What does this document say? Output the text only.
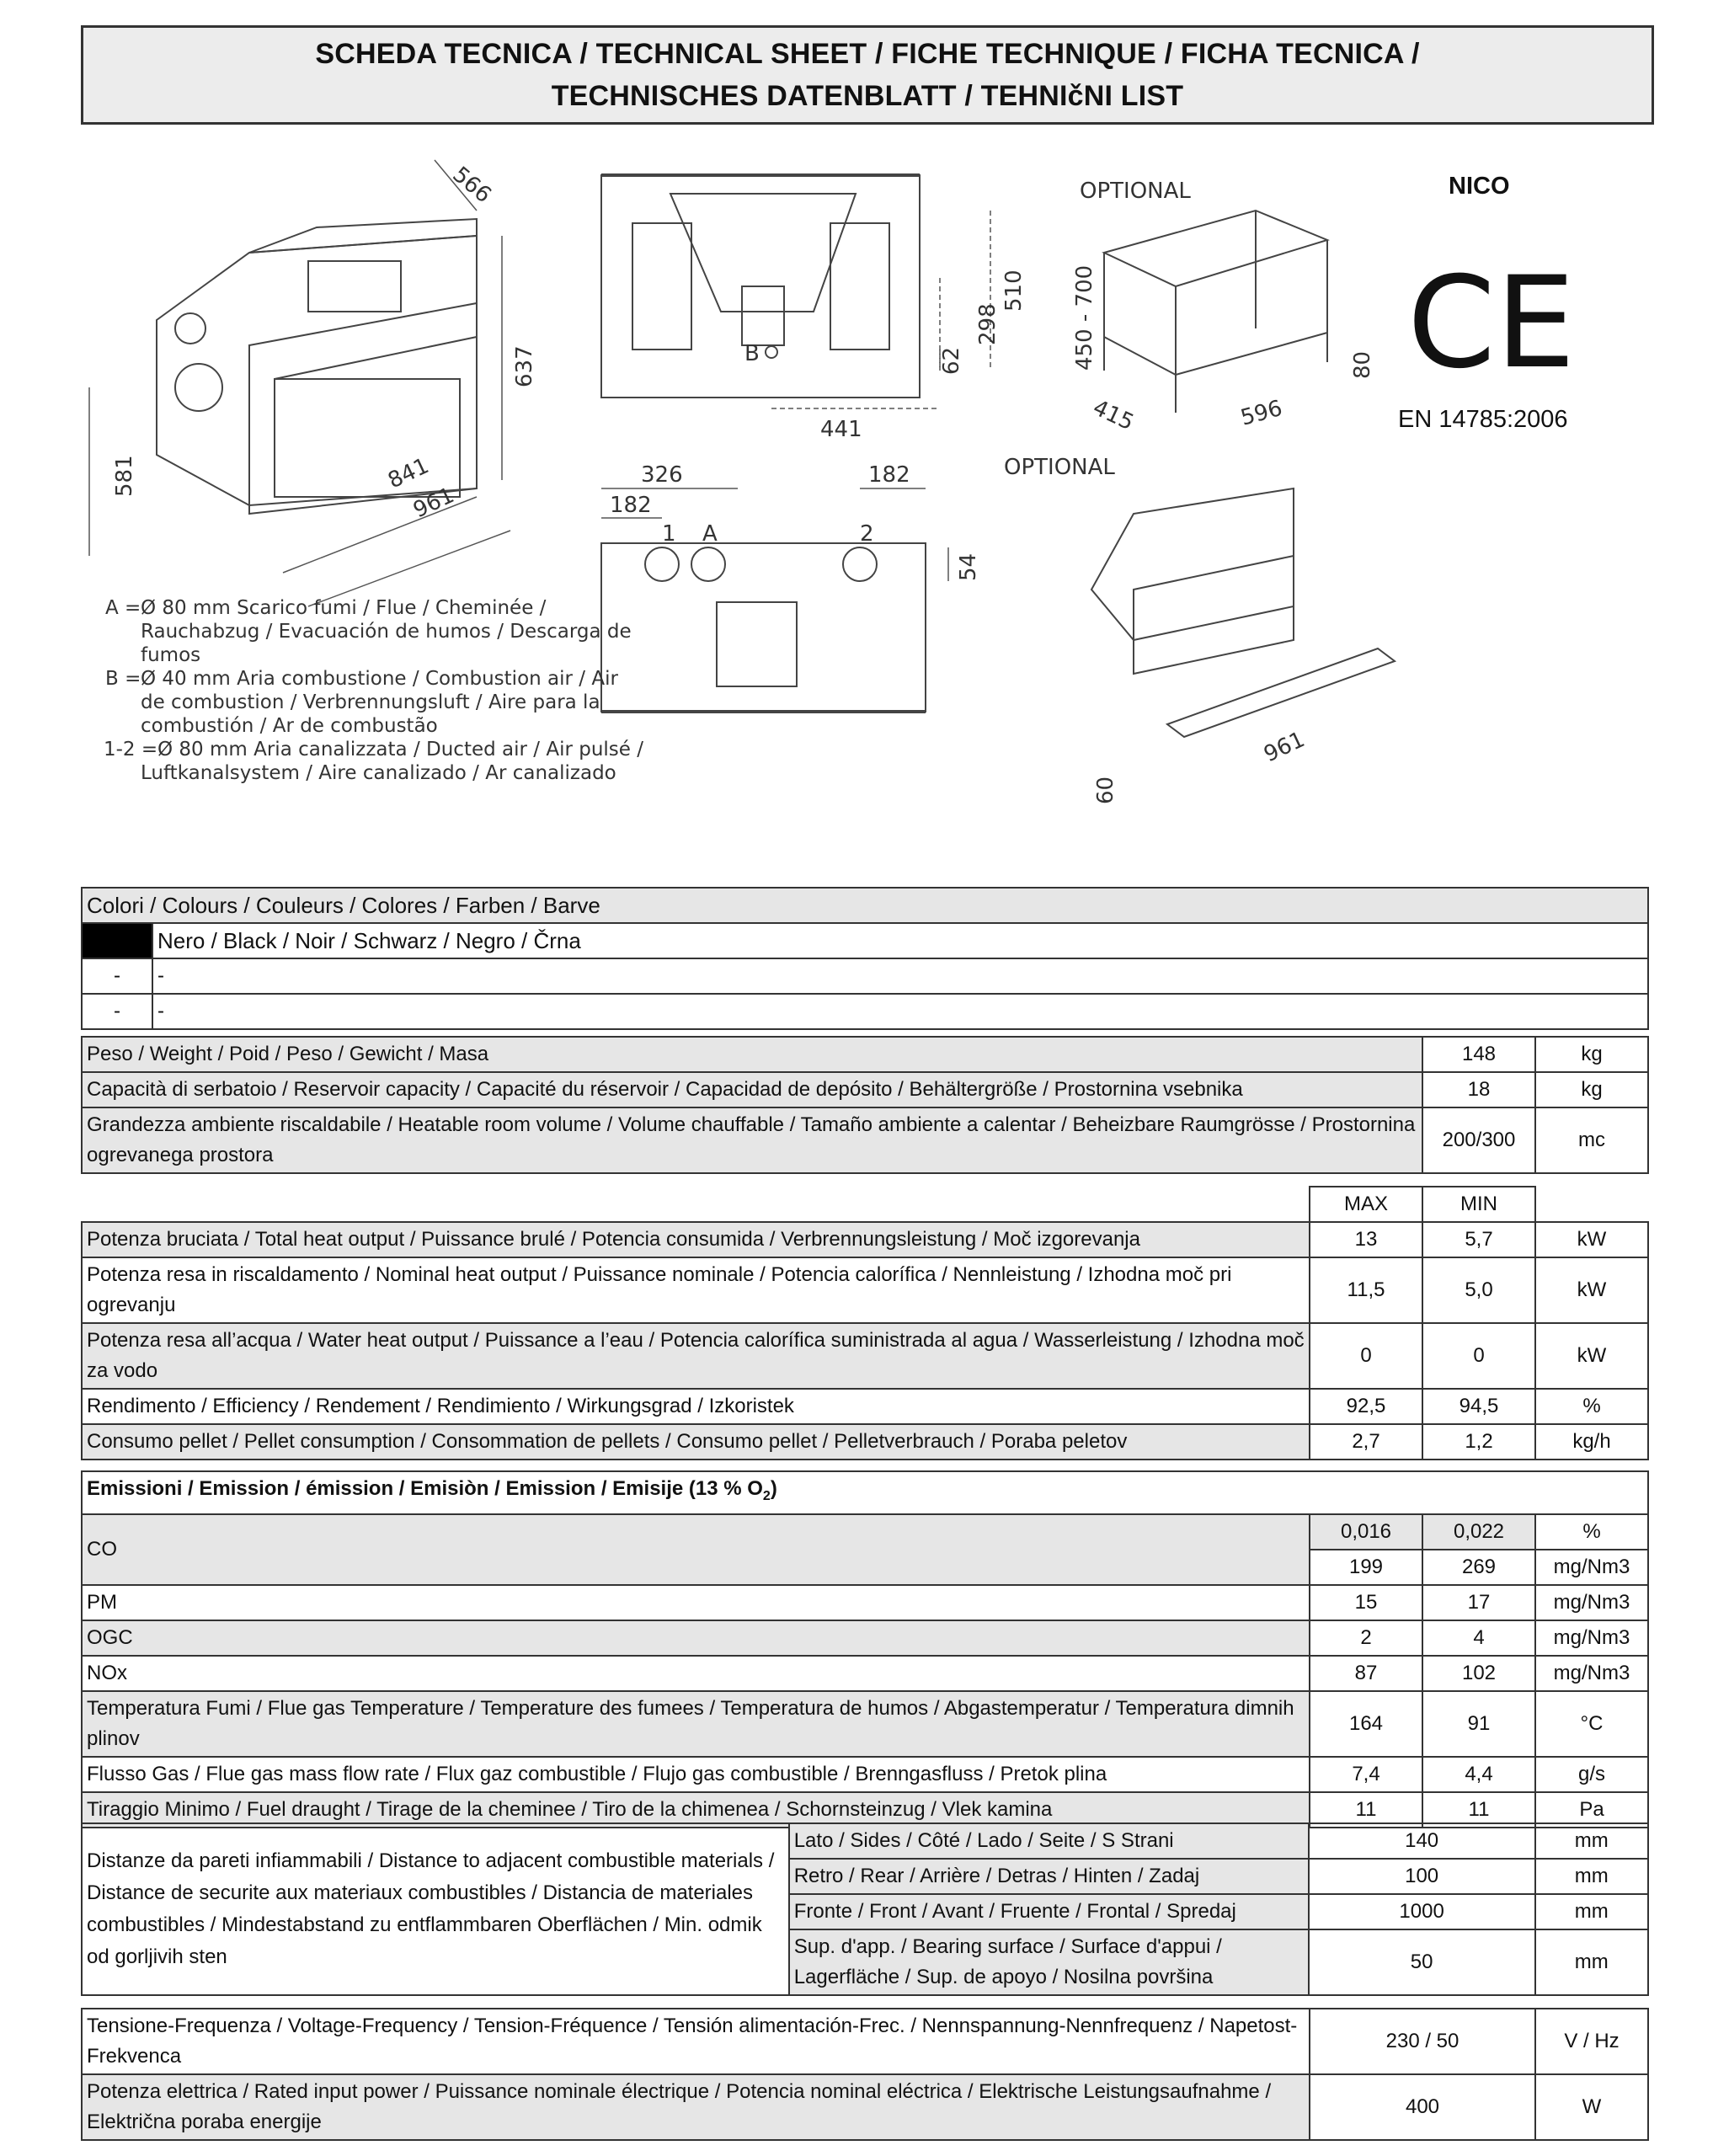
SCHEDA TECNICA / TECHNICAL SHEET / FICHE TECHNIQUE / FICHA TECNICA /
TECHNISCHES DATENBLATT / TEHNIčNI LIST
566
637
581	841
961
510
298
62
441
B
OPTIONAL
450 - 700	80
415	596
326
182
182
54
1 A	2
OPTIONAL
961
60
CE
NICO
EN 14785:2006
A = Ø 80 mm Scarico fumi / Flue / Cheminée / Rauchabzug / Evacuación de humos / Descarga de fumos
B = Ø 40 mm Aria combustione / Combustion air / Air de combustion / Verbrennungsluft / Aire para la combustión / Ar de combustão
1-2 = Ø 80 mm Aria canalizzata / Ducted air / Air pulsé / Luftkanalsystem / Aire canalizado / Ar canalizado
Colori / Colours / Couleurs / Colores / Farben / Barve	
	Nero / Black / Noir / Schwarz / Negro / Črna
-	-
-	-
Peso / Weight / Poid / Peso / Gewicht / Masa	148	kg
Capacità di serbatoio / Reservoir capacity / Capacité du réservoir / Capacidad de depósito / Behältergröße / Prostornina vsebnika	18	kg
Grandezza ambiente riscaldabile / Heatable room volume / Volume chauffable / Tamaño ambiente a calentar / Beheizbare Raumgrösse / Prostornina ogrevanega prostora	200/300	mc
	MAX	MIN	
Potenza bruciata / Total heat output / Puissance brulé / Potencia consumida / Verbrennungsleistung / Moč izgorevanja	13	5,7	kW
Potenza resa in riscaldamento / Nominal heat output / Puissance nominale / Potencia calorífica / Nennleistung / Izhodna moč pri ogrevanju	11,5	5,0	kW
Potenza resa all’acqua / Water heat output / Puissance a l’eau / Potencia calorífica suministrada al agua / Wasserleistung / Izhodna moč za vodo	0	0	kW
Rendimento / Efficiency / Rendement / Rendimiento / Wirkungsgrad / Izkoristek	92,5	94,5	%
Consumo pellet / Pellet consumption / Consommation de pellets / Consumo pellet / Pelletverbrauch / Poraba peletov	2,7	1,2	kg/h
Emissioni / Emission / émission / Emisiòn / Emission / Emisije (13 % $O_2$)			
CO	0,016	0,022	%
	199	269	mg/Nm3
PM	15	17	mg/Nm3
OGC	2	4	mg/Nm3
NOx	87	102	mg/Nm3
Temperatura Fumi / Flue gas Temperature / Temperature des fumees / Temperatura de humos / Abgastemperatur / Temperatura dimnih plinov	164	91	°C
Flusso Gas / Flue gas mass flow rate / Flux gaz combustible / Flujo gas combustible / Brenngasfluss / Pretok plina	7,4	4,4	g/s
Tiraggio Minimo / Fuel draught / Tirage de la cheminee / Tiro de la chimenea / Schornsteinzug / Vlek kamina	11	11	Pa
Distanze da pareti infiammabili / Distance to adjacent combustible materials / Distance de securite aux materiaux combustibles / Distancia de materiales combustibles / Mindestabstand zu entflammbaren Oberflächen / Min. odmik od gorljivih sten	Lato / Sides / Côté / Lado / Seite / S Strani	140	mm
	Retro / Rear / Arrière / Detras / Hinten / Zadaj	100	mm
	Fronte / Front / Avant / Fruente / Frontal / Spredaj	1000	mm
	Sup. d'app. / Bearing surface / Surface d'appui / Lagerfläche / Sup. de apoyo / Nosilna površina	50	mm
Tensione-Frequenza / Voltage-Frequency / Tension-Fréquence / Tensión alimentación-Frec. / Nennspannung-Nennfrequenz / Napetost-Frekvenca	230 / 50	V / Hz
Potenza elettrica / Rated input power / Puissance nominale électrique / Potencia nominal eléctrica / Elektrische Leistungsaufnahme / Električna poraba energije	400	W
